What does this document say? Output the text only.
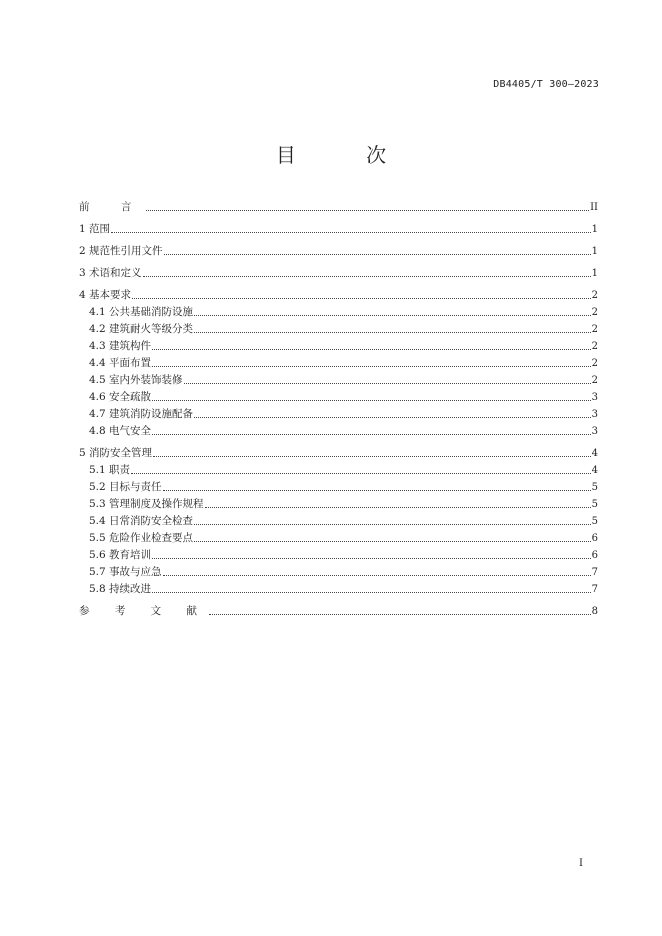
DB4405/T 300—2023
目 次
前 言	II
1 范围	1
2 规范性引用文件	1
3 术语和定义	1
4 基本要求	2
4.1 公共基础消防设施	2
4.2 建筑耐火等级分类	2
4.3 建筑构件	2
4.4 平面布置	2
4.5 室内外装饰装修	2
4.6 安全疏散	3
4.7 建筑消防设施配备	3
4.8 电气安全	3
5 消防安全管理	4
5.1 职责	4
5.2 目标与责任	5
5.3 管理制度及操作规程	5
5.4 日常消防安全检查	5
5.5 危险作业检查要点	6
5.6 教育培训	6
5.7 事故与应急	7
5.8 持续改进	7
参 考 文 献	8
I
